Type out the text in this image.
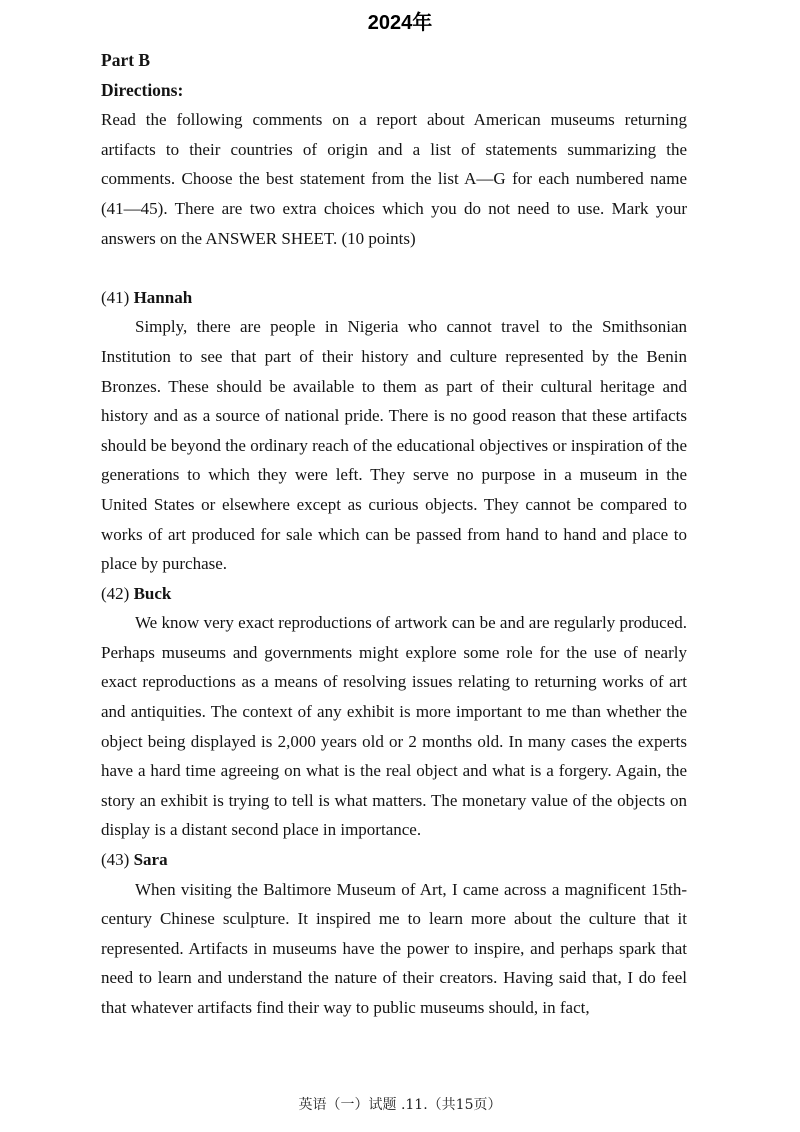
2024年
Part B
Directions:
Read the following comments on a report about American museums returning artifacts to their countries of origin and a list of statements summarizing the comments. Choose the best statement from the list A—G for each numbered name (41—45). There are two extra choices which you do not need to use. Mark your answers on the ANSWER SHEET. (10 points)
(41) Hannah
Simply, there are people in Nigeria who cannot travel to the Smithsonian Institution to see that part of their history and culture represented by the Benin Bronzes. These should be available to them as part of their cultural heritage and history and as a source of national pride. There is no good reason that these artifacts should be beyond the ordinary reach of the educational objectives or inspiration of the generations to which they were left. They serve no purpose in a museum in the United States or elsewhere except as curious objects. They cannot be compared to works of art produced for sale which can be passed from hand to hand and place to place by purchase.
(42) Buck
We know very exact reproductions of artwork can be and are regularly produced. Perhaps museums and governments might explore some role for the use of nearly exact reproductions as a means of resolving issues relating to returning works of art and antiquities. The context of any exhibit is more important to me than whether the object being displayed is 2,000 years old or 2 months old. In many cases the experts have a hard time agreeing on what is the real object and what is a forgery. Again, the story an exhibit is trying to tell is what matters. The monetary value of the objects on display is a distant second place in importance.
(43) Sara
When visiting the Baltimore Museum of Art, I came across a magnificent 15th-century Chinese sculpture. It inspired me to learn more about the culture that it represented. Artifacts in museums have the power to inspire, and perhaps spark that need to learn and understand the nature of their creators. Having said that, I do feel that whatever artifacts find their way to public museums should, in fact,
英语（一）试题 .11.（共15页）
